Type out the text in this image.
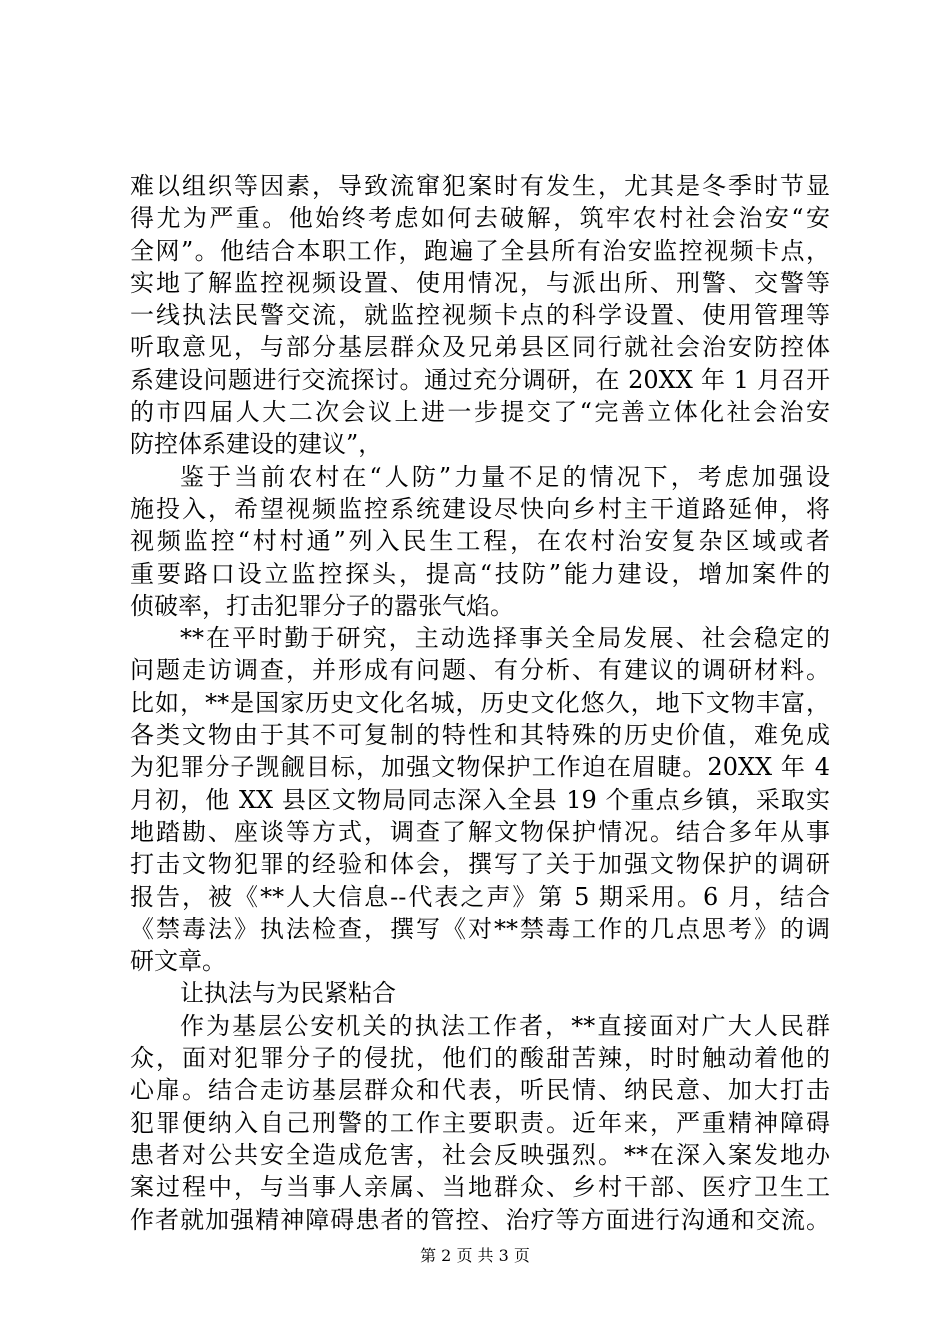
难以组织等因素，导致流窜犯案时有发生，尤其是冬季时节显
得尤为严重。他始终考虑如何去破解，筑牢农村社会治安“安
全网”。他结合本职工作，跑遍了全县所有治安监控视频卡点，
实地了解监控视频设置、使用情况，与派出所、刑警、交警等
一线执法民警交流，就监控视频卡点的科学设置、使用管理等
听取意见，与部分基层群众及兄弟县区同行就社会治安防控体
系建设问题进行交流探讨。通过充分调研，在 20XX 年 1 月召开
的市四届人大二次会议上进一步提交了“完善立体化社会治安
防控体系建设的建议”，
鉴于当前农村在“人防”力量不足的情况下，考虑加强设
施投入，希望视频监控系统建设尽快向乡村主干道路延伸，将
视频监控“村村通”列入民生工程，在农村治安复杂区域或者
重要路口设立监控探头，提高“技防”能力建设，增加案件的
侦破率，打击犯罪分子的嚣张气焰。
**在平时勤于研究，主动选择事关全局发展、社会稳定的
问题走访调查，并形成有问题、有分析、有建议的调研材料。
比如，**是国家历史文化名城，历史文化悠久，地下文物丰富，
各类文物由于其不可复制的特性和其特殊的历史价值，难免成
为犯罪分子觊觎目标，加强文物保护工作迫在眉睫。20XX 年 4
月初，他 XX 县区文物局同志深入全县 19 个重点乡镇，采取实
地踏勘、座谈等方式，调查了解文物保护情况。结合多年从事
打击文物犯罪的经验和体会，撰写了关于加强文物保护的调研
报告，被《**人大信息--代表之声》第 5 期采用。6 月，结合
《禁毒法》执法检查，撰写《对**禁毒工作的几点思考》的调
研文章。
让执法与为民紧粘合
作为基层公安机关的执法工作者，**直接面对广大人民群
众，面对犯罪分子的侵扰，他们的酸甜苦辣，时时触动着他的
心扉。结合走访基层群众和代表，听民情、纳民意、加大打击
犯罪便纳入自己刑警的工作主要职责。近年来，严重精神障碍
患者对公共安全造成危害，社会反映强烈。**在深入案发地办
案过程中，与当事人亲属、当地群众、乡村干部、医疗卫生工
作者就加强精神障碍患者的管控、治疗等方面进行沟通和交流。
第 2 页 共 3 页
